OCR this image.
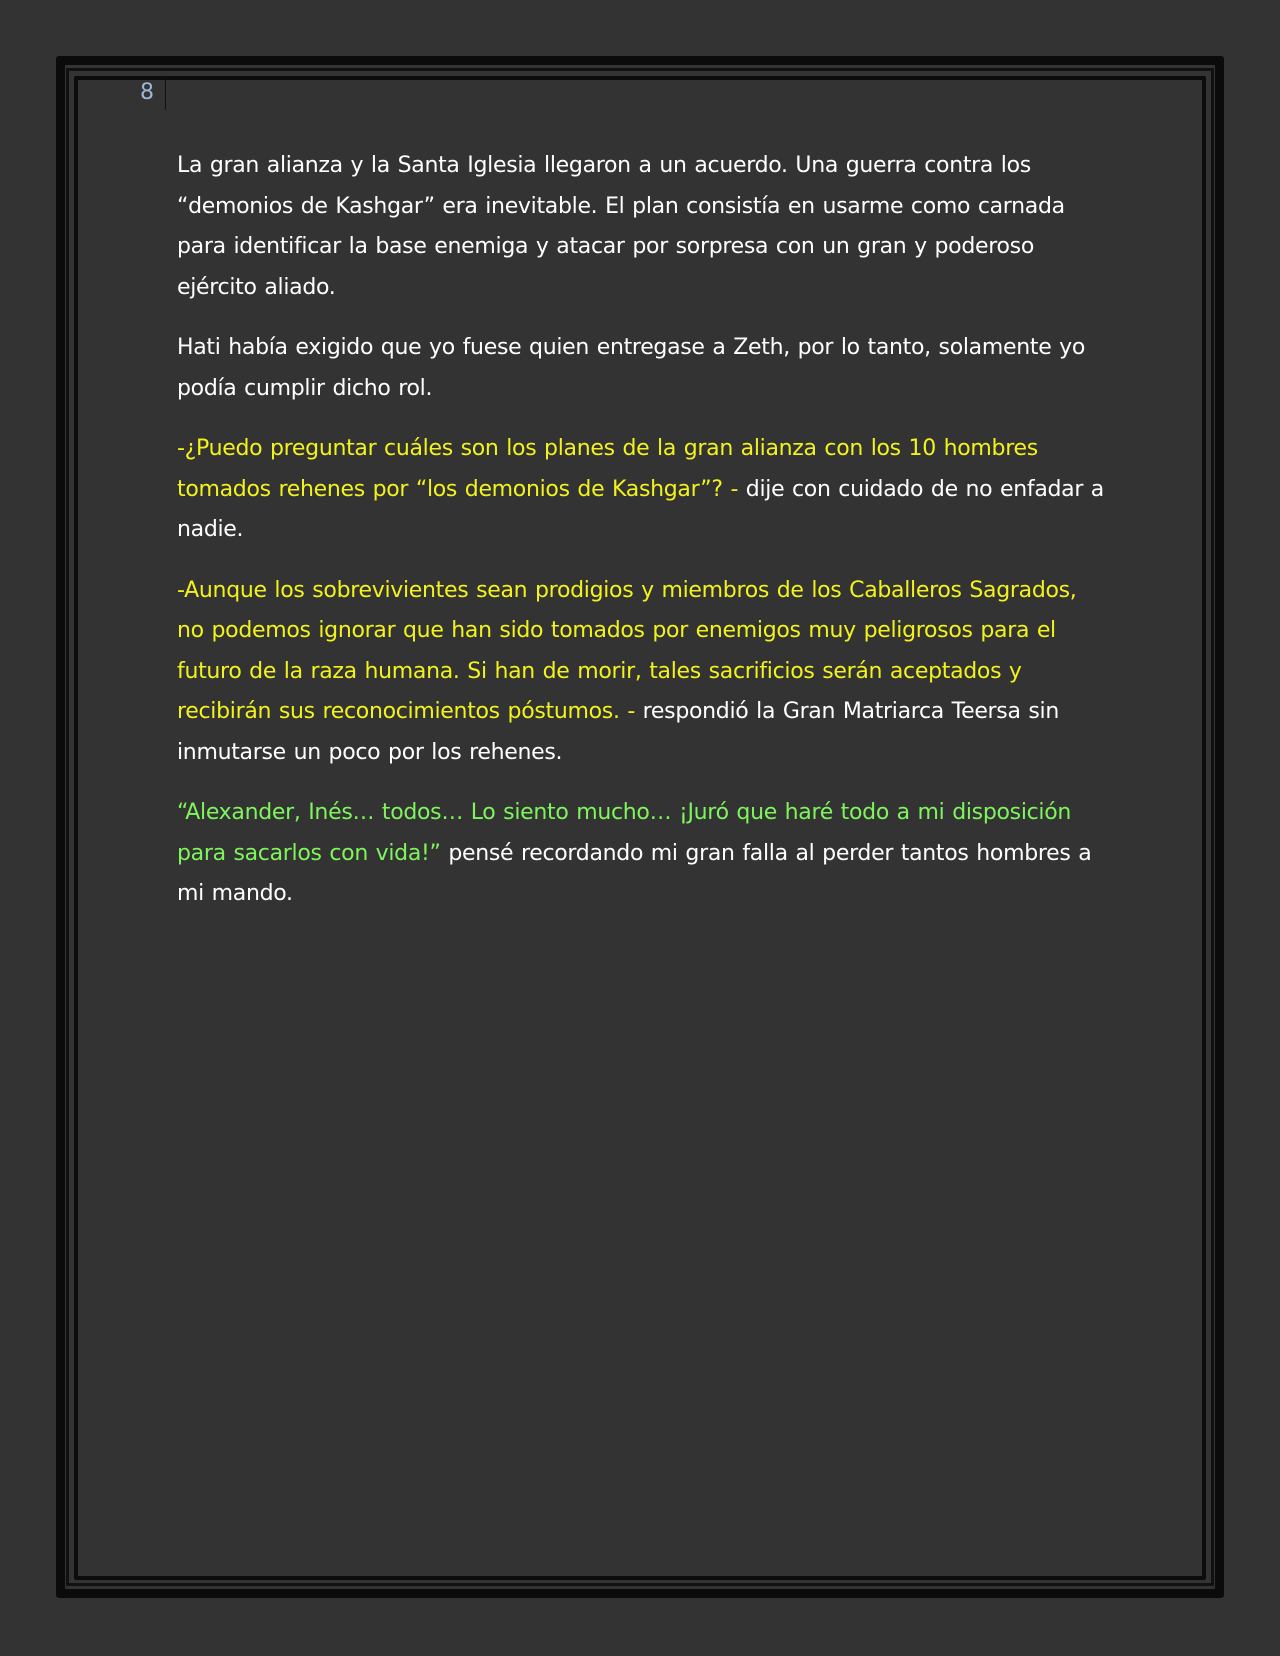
8

La gran alianza y la Santa Iglesia llegaron a un acuerdo. Una guerra contra los “demonios de Kashgar” era inevitable. El plan consistía en usarme como carnada para identificar la base enemiga y atacar por sorpresa con un gran y poderoso ejército aliado.

Hati había exigido que yo fuese quien entregase a Zeth, por lo tanto, solamente yo podía cumplir dicho rol.

-¿Puedo preguntar cuáles son los planes de la gran alianza con los 10 hombres tomados rehenes por “los demonios de Kashgar”? - dije con cuidado de no enfadar a nadie.

-Aunque los sobrevivientes sean prodigios y miembros de los Caballeros Sagrados, no podemos ignorar que han sido tomados por enemigos muy peligrosos para el futuro de la raza humana. Si han de morir, tales sacrificios serán aceptados y recibirán sus reconocimientos póstumos. - respondió la Gran Matriarca Teersa sin inmutarse un poco por los rehenes.

“Alexander, Inés… todos… Lo siento mucho… ¡Juró que haré todo a mi disposición para sacarlos con vida!” pensé recordando mi gran falla al perder tantos hombres a mi mando.
